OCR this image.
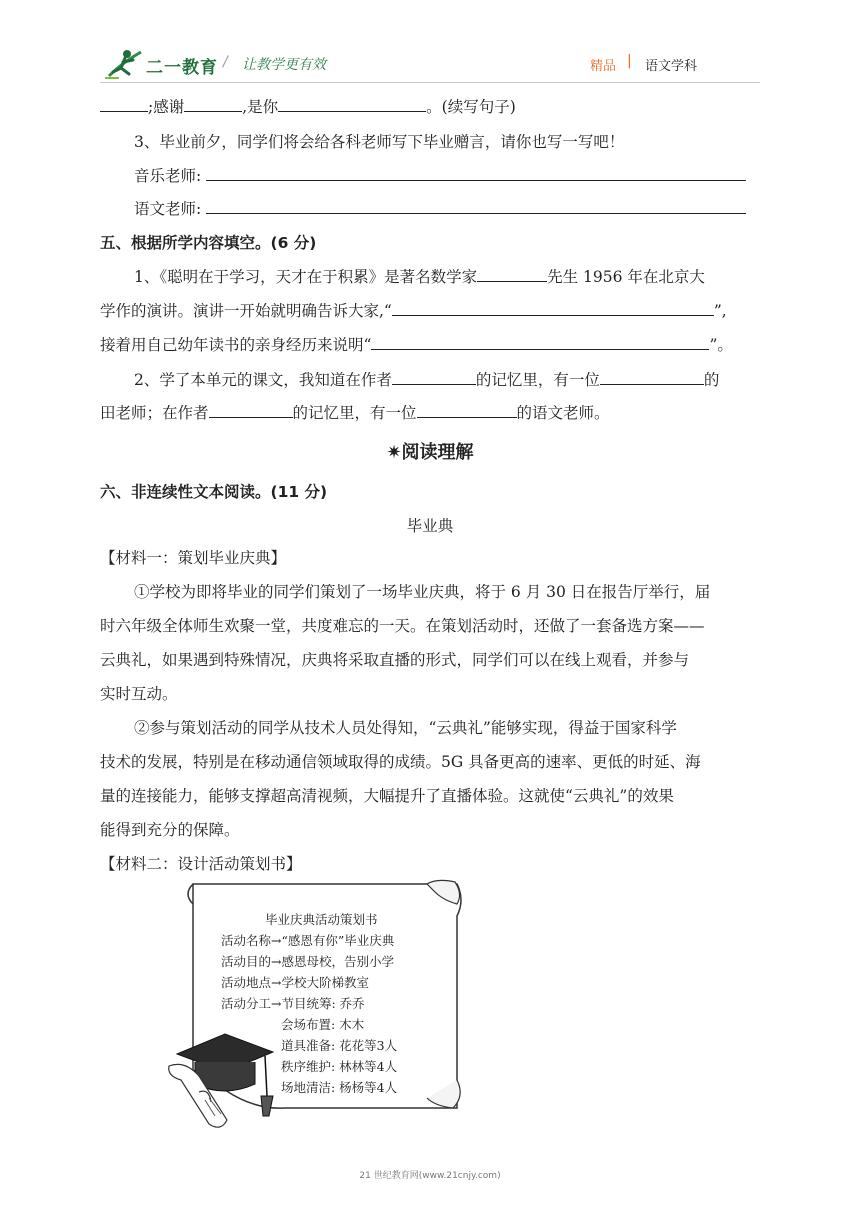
二一教育 / 让教学更有效	精品 | 语文学科
;感谢	,是你	。(续写句子)
3、毕业前夕，同学们将会给各科老师写下毕业赠言，请你也写一写吧！
音乐老师:
语文老师:
五、根据所学内容填空。(6 分)
1、《聪明在于学习，天才在于积累》是著名数学家	先生 1956 年在北京大
学作的演讲。演讲一开始就明确告诉大家,“	”,
接着用自己幼年读书的亲身经历来说明“	”。
2、学了本单元的课文，我知道在作者	的记忆里，有一位	的
田老师；在作者	的记忆里，有一位	的语文老师。
✷阅读理解
六、非连续性文本阅读。(11 分)
毕业典
【材料一：策划毕业庆典】
①学校为即将毕业的同学们策划了一场毕业庆典，将于 6 月 30 日在报告厅举行，届
时六年级全体师生欢聚一堂，共度难忘的一天。在策划活动时，还做了一套备选方案——
云典礼，如果遇到特殊情况，庆典将采取直播的形式，同学们可以在线上观看，并参与
实时互动。
②参与策划活动的同学从技术人员处得知，“云典礼”能够实现，得益于国家科学
技术的发展，特别是在移动通信领域取得的成绩。5G 具备更高的速率、更低的时延、海
量的连接能力，能够支撑超高清视频，大幅提升了直播体验。这就使“云典礼”的效果
能得到充分的保障。
【材料二：设计活动策划书】
毕业庆典活动策划书
活动名称→“感恩有你”毕业庆典
活动目的→感恩母校，告别小学
活动地点→学校大阶梯教室
活动分工→节目统筹: 乔乔
会场布置: 木木
道具准备: 花花等3人
秩序维护: 林林等4人
场地清洁: 杨杨等4人
21 世纪教育网(www.21cnjy.com)
